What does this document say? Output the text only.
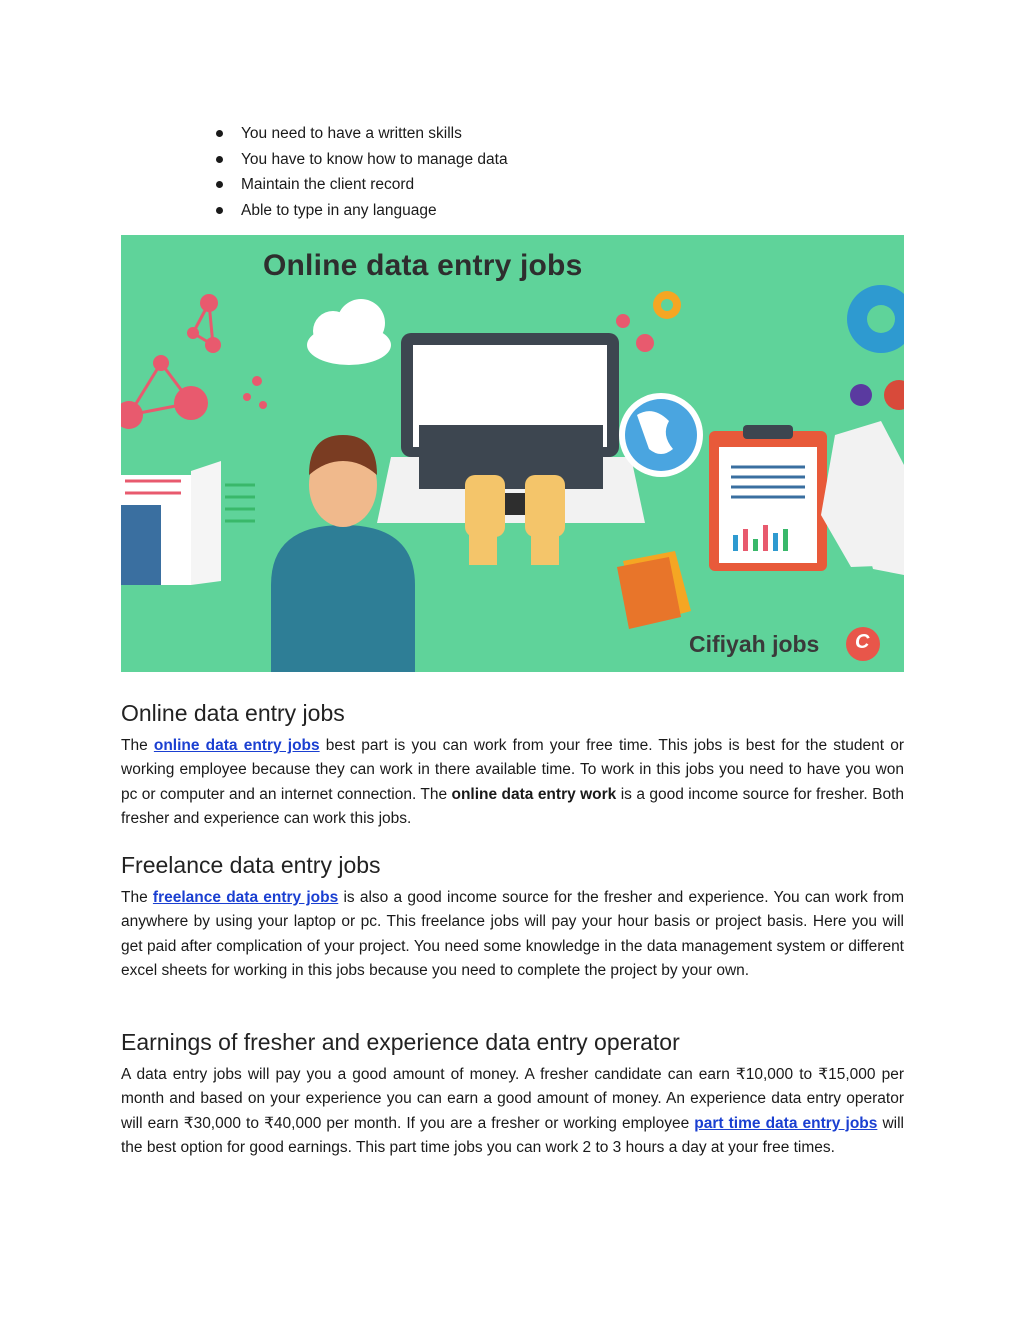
You need to have a written skills
You have to know how to manage data
Maintain the client record
Able to type in any language
Online data entry jobs
Cifiyah jobs C
Online data entry jobs

The online data entry jobs best part is you can work from your free time. This jobs is best for the student or working employee because they can work in there available time. To work in this jobs you need to have you won pc or computer and an internet connection. The online data entry work is a good income source for fresher. Both fresher and experience can work this jobs.

Freelance data entry jobs

The freelance data entry jobs is also a good income source for the fresher and experience. You can work from anywhere by using your laptop or pc. This freelance jobs will pay your hour basis or project basis. Here you will get paid after complication of your project. You need some knowledge in the data management system or different excel sheets for working in this jobs because you need to complete the project by your own.

Earnings of fresher and experience data entry operator

A data entry jobs will pay you a good amount of money. A fresher candidate can earn ₹10,000 to ₹15,000 per month and based on your experience you can earn a good amount of money. An experience data entry operator will earn ₹30,000 to ₹40,000 per month. If you are a fresher or working employee part time data entry jobs will the best option for good earnings. This part time jobs you can work 2 to 3 hours a day at your free times.
